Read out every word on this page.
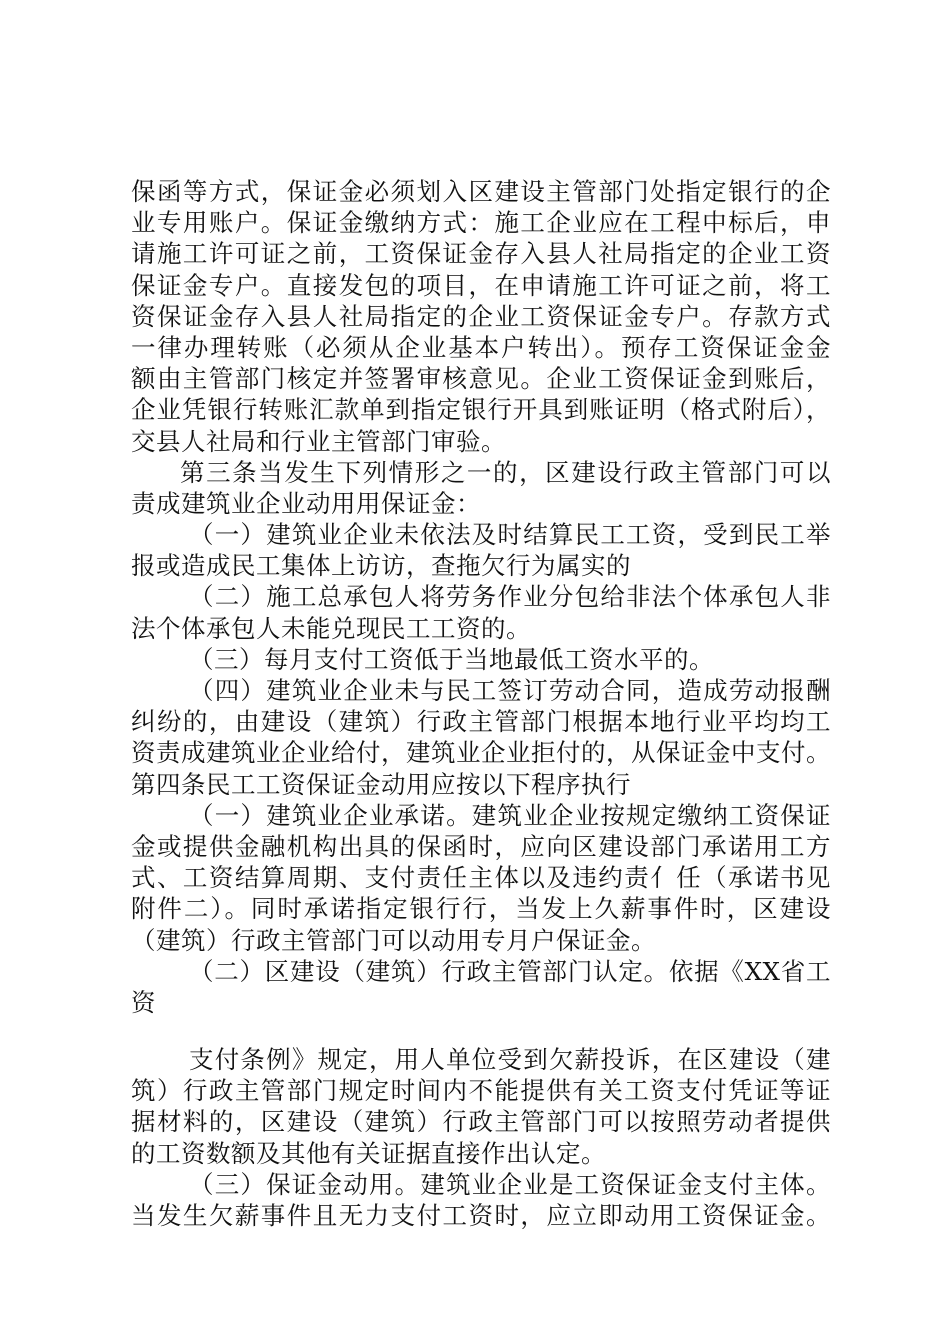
保函等方式，保证金必须划入区建设主管部门处指定银行的企
业专用账户。保证金缴纳方式：施工企业应在工程中标后，申
请施工许可证之前，工资保证金存入县人社局指定的企业工资
保证金专户。直接发包的项目，在申请施工许可证之前，将工
资保证金存入县人社局指定的企业工资保证金专户。存款方式
一律办理转账（必须从企业基本户转出）。预存工资保证金金
额由主管部门核定并签署审核意见。企业工资保证金到账后，
企业凭银行转账汇款单到指定银行开具到账证明（格式附后），
交县人社局和行业主管部门审验。
第三条当发生下列情形之一的，区建设行政主管部门可以
责成建筑业企业动用用保证金：
（一）建筑业企业未依法及时结算民工工资，受到民工举
报或造成民工集体上访访，查拖欠行为属实的
（二）施工总承包人将劳务作业分包给非法个体承包人非
法个体承包人未能兑现民工工资的。
（三）每月支付工资低于当地最低工资水平的。
（四）建筑业企业未与民工签订劳动合同，造成劳动报酬
纠纷的，由建设（建筑）行政主管部门根据本地行业平均均工
资责成建筑业企业给付，建筑业企业拒付的，从保证金中支付。
第四条民工工资保证金动用应按以下程序执行
（一）建筑业企业承诺。建筑业企业按规定缴纳工资保证
金或提供金融机构出具的保函时，应向区建设部门承诺用工方
式、工资结算周期、支付责任主体以及违约责亻任（承诺书见
附件二）。同时承诺指定银行行，当发上久薪事件时，区建设
（建筑）行政主管部门可以动用专月户保证金。
（二）区建设（建筑）行政主管部门认定。依据《XX省工
资
支付条例》规定，用人单位受到欠薪投诉，在区建设（建
筑）行政主管部门规定时间内不能提供有关工资支付凭证等证
据材料的，区建设（建筑）行政主管部门可以按照劳动者提供
的工资数额及其他有关证据直接作出认定。
（三）保证金动用。建筑业企业是工资保证金支付主体。
当发生欠薪事件且无力支付工资时，应立即动用工资保证金。
